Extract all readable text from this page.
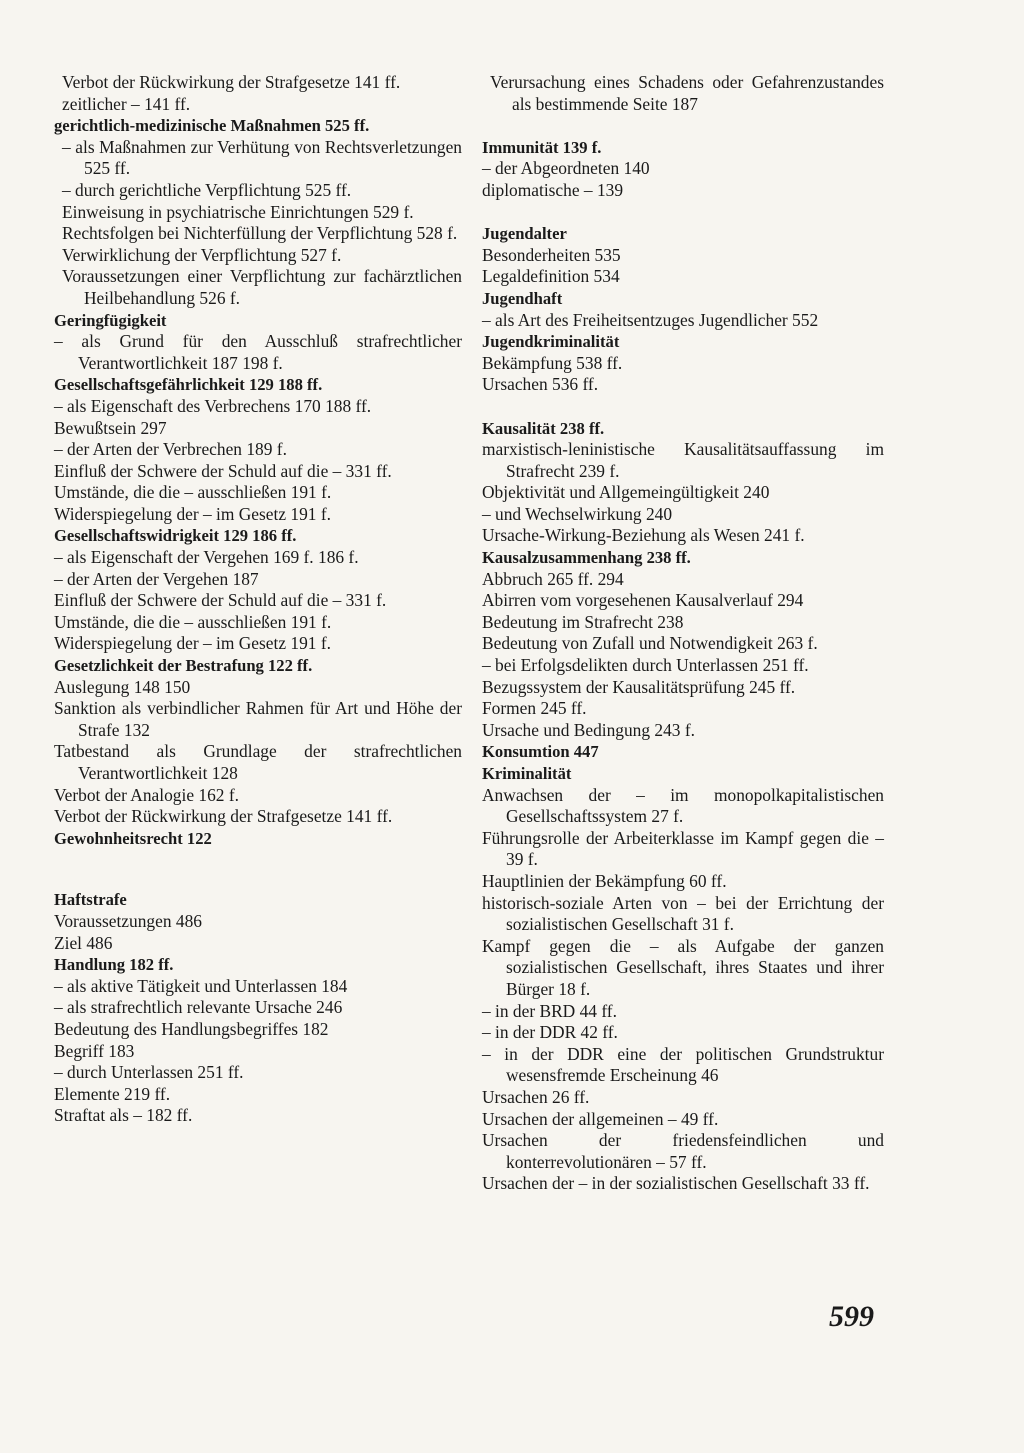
Verbot der Rückwirkung der Strafgesetze 141 ff.
zeitlicher – 141 ff.
gerichtlich-medizinische Maßnahmen 525 ff.
– als Maßnahmen zur Verhütung von Rechtsverletzungen 525 ff.
– durch gerichtliche Verpflichtung 525 ff.
Einweisung in psychiatrische Einrichtungen 529 f.
Rechtsfolgen bei Nichterfüllung der Verpflichtung 528 f.
Verwirklichung der Verpflichtung 527 f.
Voraussetzungen einer Verpflichtung zur fachärztlichen Heilbehandlung 526 f.
Geringfügigkeit
– als Grund für den Ausschluß strafrechtlicher Verantwortlichkeit 187 198 f.
Gesellschaftsgefährlichkeit 129 188 ff.
– als Eigenschaft des Verbrechens 170 188 ff.
Bewußtsein 297
– der Arten der Verbrechen 189 f.
Einfluß der Schwere der Schuld auf die – 331 ff.
Umstände, die die – ausschließen 191 f.
Widerspiegelung der – im Gesetz 191 f.
Gesellschaftswidrigkeit 129 186 ff.
– als Eigenschaft der Vergehen 169 f. 186 f.
– der Arten der Vergehen 187
Einfluß der Schwere der Schuld auf die – 331 f.
Umstände, die die – ausschließen 191 f.
Widerspiegelung der – im Gesetz 191 f.
Gesetzlichkeit der Bestrafung 122 ff.
Auslegung 148 150
Sanktion als verbindlicher Rahmen für Art und Höhe der Strafe 132
Tatbestand als Grundlage der strafrechtlichen Verantwortlichkeit 128
Verbot der Analogie 162 f.
Verbot der Rückwirkung der Strafgesetze 141 ff.
Gewohnheitsrecht 122
Haftstrafe
Voraussetzungen 486
Ziel 486
Handlung 182 ff.
– als aktive Tätigkeit und Unterlassen 184
– als strafrechtlich relevante Ursache 246
Bedeutung des Handlungsbegriffes 182
Begriff 183
– durch Unterlassen 251 ff.
Elemente 219 ff.
Straftat als – 182 ff.
Verursachung eines Schadens oder Gefahrenzustandes als bestimmende Seite 187
Immunität 139 f.
– der Abgeordneten 140
diplomatische – 139
Jugendalter
Besonderheiten 535
Legaldefinition 534
Jugendhaft
– als Art des Freiheitsentzuges Jugendlicher 552
Jugendkriminalität
Bekämpfung 538 ff.
Ursachen 536 ff.
Kausalität 238 ff.
marxistisch-leninistische Kausalitätsauffassung im Strafrecht 239 f.
Objektivität und Allgemeingültigkeit 240
– und Wechselwirkung 240
Ursache-Wirkung-Beziehung als Wesen 241 f.
Kausalzusammenhang 238 ff.
Abbruch 265 ff. 294
Abirren vom vorgesehenen Kausalverlauf 294
Bedeutung im Strafrecht 238
Bedeutung von Zufall und Notwendigkeit 263 f.
– bei Erfolgsdelikten durch Unterlassen 251 ff.
Bezugssystem der Kausalitätsprüfung 245 ff.
Formen 245 ff.
Ursache und Bedingung 243 f.
Konsumtion 447
Kriminalität
Anwachsen der – im monopolkapitalistischen Gesellschaftssystem 27 f.
Führungsrolle der Arbeiterklasse im Kampf gegen die – 39 f.
Hauptlinien der Bekämpfung 60 ff.
historisch-soziale Arten von – bei der Errichtung der sozialistischen Gesellschaft 31 f.
Kampf gegen die – als Aufgabe der ganzen sozialistischen Gesellschaft, ihres Staates und ihrer Bürger 18 f.
– in der BRD 44 ff.
– in der DDR 42 ff.
– in der DDR eine der politischen Grundstruktur wesensfremde Erscheinung 46
Ursachen 26 ff.
Ursachen der allgemeinen – 49 ff.
Ursachen der friedensfeindlichen und konterrevolutionären – 57 ff.
Ursachen der – in der sozialistischen Gesellschaft 33 ff.
599
